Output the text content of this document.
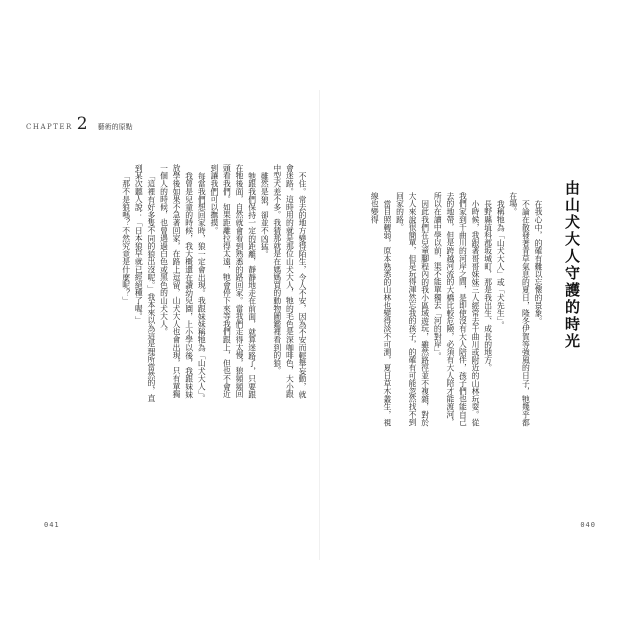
CHAPTER 2 藝術的原點

不住。常去的地方變得陌生，令人不安，因為不安而輕舉妄動，就會迷路。這時用的就是那位山犬大人，牠的毛色是深咖啡色，大小跟中型犬差不多。我猜那就是在媽媽買的動物圖鑑裡看到的狼。

雖然是狼，卻並不凶猛。

牠跟我們保持一定的距離，靜靜地走在前面，就算迷路了，只要跟在牠後面，自然就會看到熟悉的路回家。當我們走得太慢，狼頻頻回頭看我們。如果距離拉得太遠，牠會停下來等我們跟上，但也不會近到讓我們可以撫摸。

每當我們想回家時，狼一定會出現。我跟妹妹稱牠為「山犬大人」。

我曾是兒童的時候，我大概還在讀幼兒園，上小學以後，我跟妹妹放學後如果不急著回家，在路上逗留，山犬大人也會出現，只有單獨一個人的時候，也曾遇過白色或黑色的山犬大人。

「這裡有好多隻不同的狼出沒呢。」我本來以為這是理所當然的，直到某次聽人說：「日本狼早就已經絕種了喔。」

「那不是狼嗎？不然究竟是什麼呢？」

041	040
由山犬大人守護的時光

在我心中，的確有難以忘懷的景象。

不論在散發著青草氣息的夏日，隆冬伊賀等強風的日子，牠幾乎都在場。

我稱牠為「山犬大人」或「犬先生」。

長野縣埴科郡坂城町，那是我出生、成長的地方。

小時候，我跟著哥哥妹妹三人經常去千曲川或附近的山林玩耍。從我們家到千曲川的河岸之間，是即使沒有大人陪伴，孩子們也能自己去的地帶，但是跨越河流的大橋比較危險，必須有大人陪才能渡河，所以在讀中學以前，渠不能單獨去「河的對岸」。

因此我們在兒童腳程內的我小區域遊玩，雖然路徑並不複雜，對於大人來說很簡單，但是玩得渾然忘我的孩子，的確有可能忽然找不到回家的路。

當目照轉弱，原本熟悉的山林也變得淡不可測，夏日草木叢生，視線也變得
